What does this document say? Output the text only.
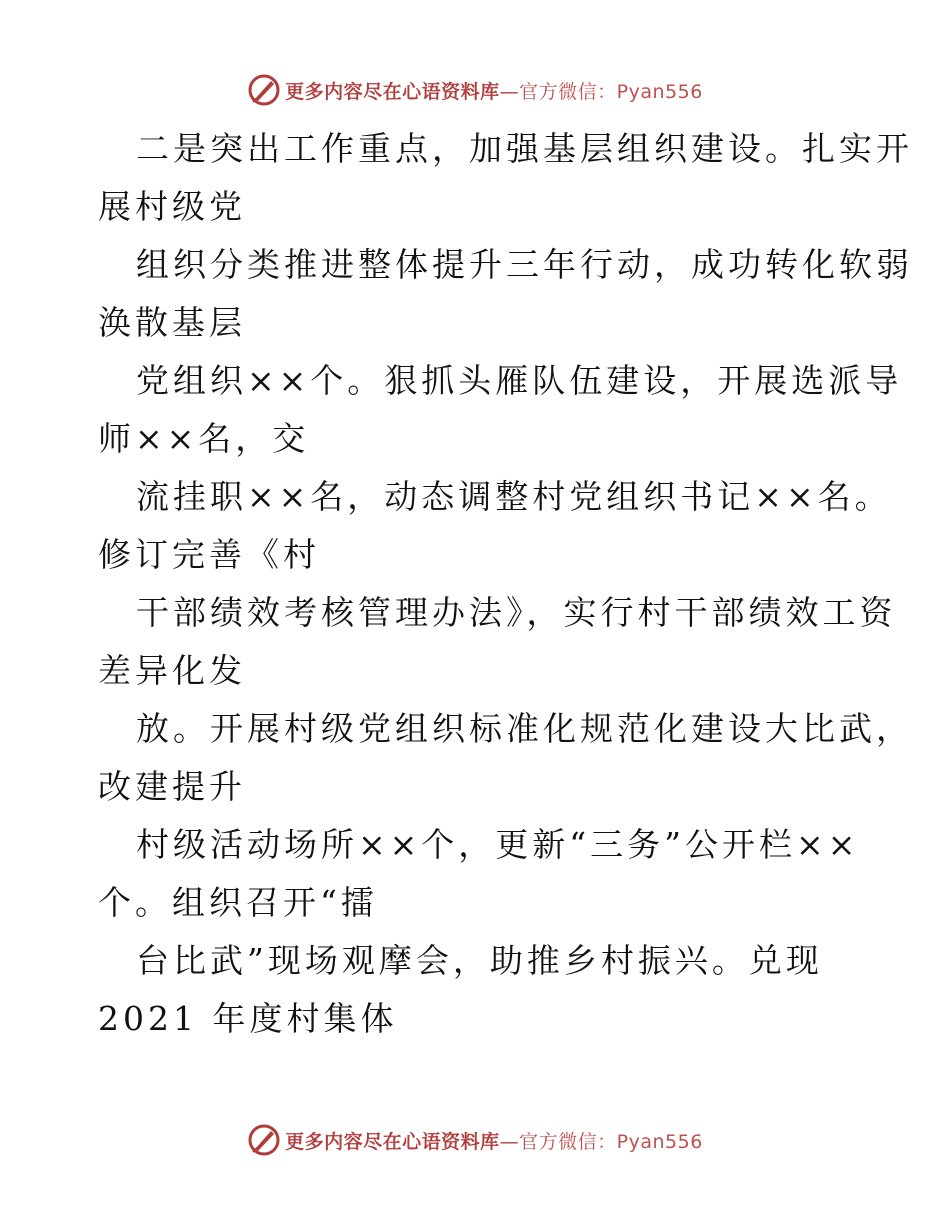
更多内容尽在心语资料库—官方微信：Pyan556
二是突出工作重点，加强基层组织建设。扎实开
展村级党
组织分类推进整体提升三年行动，成功转化软弱
涣散基层
党组织××个。狠抓头雁队伍建设，开展选派导
师××名，交
流挂职××名，动态调整村党组织书记××名。
修订完善《村
干部绩效考核管理办法》，实行村干部绩效工资
差异化发
放。开展村级党组织标准化规范化建设大比武，
改建提升
村级活动场所××个，更新“三务”公开栏××
个。组织召开“擂
台比武”现场观摩会，助推乡村振兴。兑现
2021 年度村集体
更多内容尽在心语资料库—官方微信：Pyan556
